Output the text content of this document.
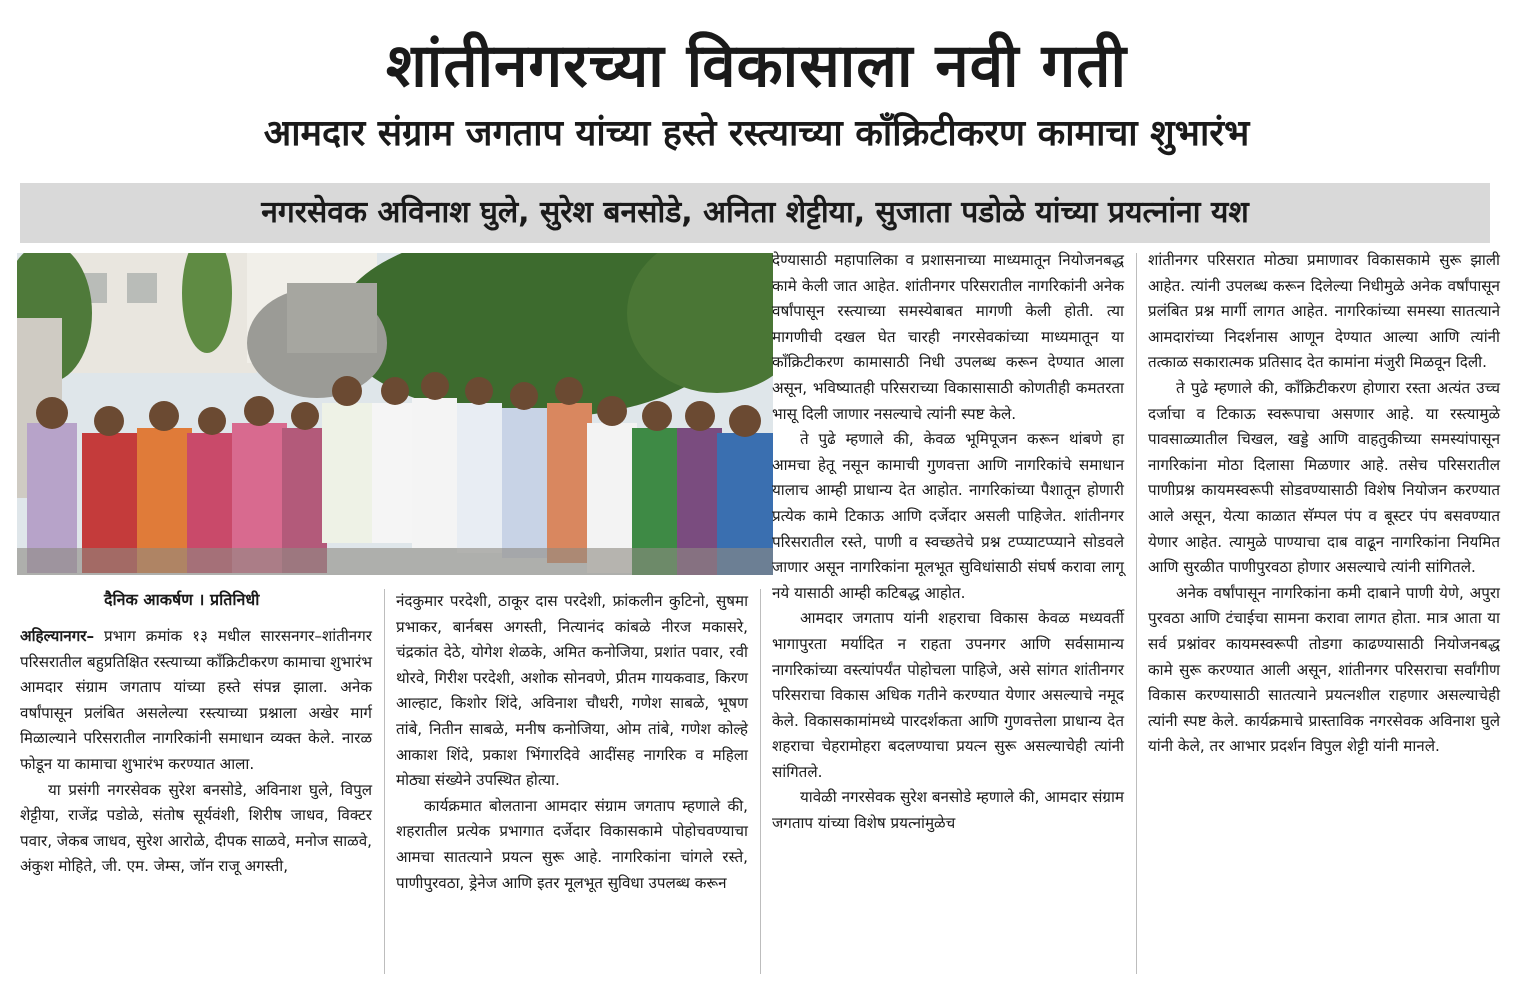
शांतीनगरच्या विकासाला नवी गती
आमदार संग्राम जगताप यांच्या हस्ते रस्त्याच्या कॉंक्रिटीकरण कामाचा शुभारंभ
नगरसेवक अविनाश घुले, सुरेश बनसोडे, अनिता शेट्टीया, सुजाता पडोळे यांच्या प्रयत्नांना यश
दैनिक आकर्षण । प्रतिनिधी

अहिल्यानगर– प्रभाग क्रमांक १३ मधील सारसनगर–शांतीनगर परिसरातील बहुप्रतिक्षित रस्त्याच्या कॉंक्रिटीकरण कामाचा शुभारंभ आमदार संग्राम जगताप यांच्या हस्ते संपन्न झाला. अनेक वर्षांपासून प्रलंबित असलेल्या रस्त्याच्या प्रश्नाला अखेर मार्ग मिळाल्याने परिसरातील नागरिकांनी समाधान व्यक्त केले. नारळ फोडून या कामाचा शुभारंभ करण्यात आला.

या प्रसंगी नगरसेवक सुरेश बनसोडे, अविनाश घुले, विपुल शेट्टीया, राजेंद्र पडोळे, संतोष सूर्यवंशी, शिरीष जाधव, विक्टर पवार, जेकब जाधव, सुरेश आरोळे, दीपक साळवे, मनोज साळवे, अंकुश मोहिते, जी. एम. जेम्स, जॉन राजू अगस्ती,

नंदकुमार परदेशी, ठाकूर दास परदेशी, फ्रांकलीन कुटिनो, सुषमा प्रभाकर, बार्नबस अगस्ती, नित्यानंद कांबळे नीरज मकासरे, चंद्रकांत देठे, योगेश शेळके, अमित कनोजिया, प्रशांत पवार, रवी थोरवे, गिरीश परदेशी, अशोक सोनवणे, प्रीतम गायकवाड, किरण आल्हाट, किशोर शिंदे, अविनाश चौधरी, गणेश साबळे, भूषण तांबे, नितीन साबळे, मनीष कनोजिया, ओम तांबे, गणेश कोल्हे आकाश शिंदे, प्रकाश भिंगारदिवे आदींसह नागरिक व महिला मोठ्या संख्येने उपस्थित होत्या.

कार्यक्रमात बोलताना आमदार संग्राम जगताप म्हणाले की, शहरातील प्रत्येक प्रभागात दर्जेदार विकासकामे पोहोचवण्याचा आमचा सातत्याने प्रयत्न सुरू आहे. नागरिकांना चांगले रस्ते, पाणीपुरवठा, ड्रेनेज आणि इतर मूलभूत सुविधा उपलब्ध करून

देण्यासाठी महापालिका व प्रशासनाच्या माध्यमातून नियोजनबद्ध कामे केली जात आहेत. शांतीनगर परिसरातील नागरिकांनी अनेक वर्षांपासून रस्त्याच्या समस्येबाबत मागणी केली होती. त्या मागणीची दखल घेत चारही नगरसेवकांच्या माध्यमातून या कॉंक्रिटीकरण कामासाठी निधी उपलब्ध करून देण्यात आला असून, भविष्यातही परिसराच्या विकासासाठी कोणतीही कमतरता भासू दिली जाणार नसल्याचे त्यांनी स्पष्ट केले.

ते पुढे म्हणाले की, केवळ भूमिपूजन करून थांबणे हा आमचा हेतू नसून कामाची गुणवत्ता आणि नागरिकांचे समाधान यालाच आम्ही प्राधान्य देत आहोत. नागरिकांच्या पैशातून होणारी प्रत्येक कामे टिकाऊ आणि दर्जेदार असली पाहिजेत. शांतीनगर परिसरातील रस्ते, पाणी व स्वच्छतेचे प्रश्न टप्प्याटप्प्याने सोडवले जाणार असून नागरिकांना मूलभूत सुविधांसाठी संघर्ष करावा लागू नये यासाठी आम्ही कटिबद्ध आहोत.

आमदार जगताप यांनी शहराचा विकास केवळ मध्यवर्ती भागापुरता मर्यादित न राहता उपनगर आणि सर्वसामान्य नागरिकांच्या वस्त्यांपर्यंत पोहोचला पाहिजे, असे सांगत शांतीनगर परिसराचा विकास अधिक गतीने करण्यात येणार असल्याचे नमूद केले. विकासकामांमध्ये पारदर्शकता आणि गुणवत्तेला प्राधान्य देत शहराचा चेहरामोहरा बदलण्याचा प्रयत्न सुरू असल्याचेही त्यांनी सांगितले.

यावेळी नगरसेवक सुरेश बनसोडे म्हणाले की, आमदार संग्राम जगताप यांच्या विशेष प्रयत्नांमुळेच

शांतीनगर परिसरात मोठ्या प्रमाणावर विकासकामे सुरू झाली आहेत. त्यांनी उपलब्ध करून दिलेल्या निधीमुळे अनेक वर्षांपासून प्रलंबित प्रश्न मार्गी लागत आहेत. नागरिकांच्या समस्या सातत्याने आमदारांच्या निदर्शनास आणून देण्यात आल्या आणि त्यांनी तत्काळ सकारात्मक प्रतिसाद देत कामांना मंजुरी मिळवून दिली.

ते पुढे म्हणाले की, कॉंक्रिटीकरण होणारा रस्ता अत्यंत उच्च दर्जाचा व टिकाऊ स्वरूपाचा असणार आहे. या रस्त्यामुळे पावसाळ्यातील चिखल, खड्डे आणि वाहतुकीच्या समस्यांपासून नागरिकांना मोठा दिलासा मिळणार आहे. तसेच परिसरातील पाणीप्रश्न कायमस्वरूपी सोडवण्यासाठी विशेष नियोजन करण्यात आले असून, येत्या काळात सॅम्पल पंप व बूस्टर पंप बसवण्यात येणार आहेत. त्यामुळे पाण्याचा दाब वाढून नागरिकांना नियमित आणि सुरळीत पाणीपुरवठा होणार असल्याचे त्यांनी सांगितले.

अनेक वर्षांपासून नागरिकांना कमी दाबाने पाणी येणे, अपुरा पुरवठा आणि टंचाईचा सामना करावा लागत होता. मात्र आता या सर्व प्रश्नांवर कायमस्वरूपी तोडगा काढण्यासाठी नियोजनबद्ध कामे सुरू करण्यात आली असून, शांतीनगर परिसराचा सर्वांगीण विकास करण्यासाठी सातत्याने प्रयत्नशील राहणार असल्याचेही त्यांनी स्पष्ट केले. कार्यक्रमाचे प्रास्ताविक नगरसेवक अविनाश घुले यांनी केले, तर आभार प्रदर्शन विपुल शेट्टी यांनी मानले.
